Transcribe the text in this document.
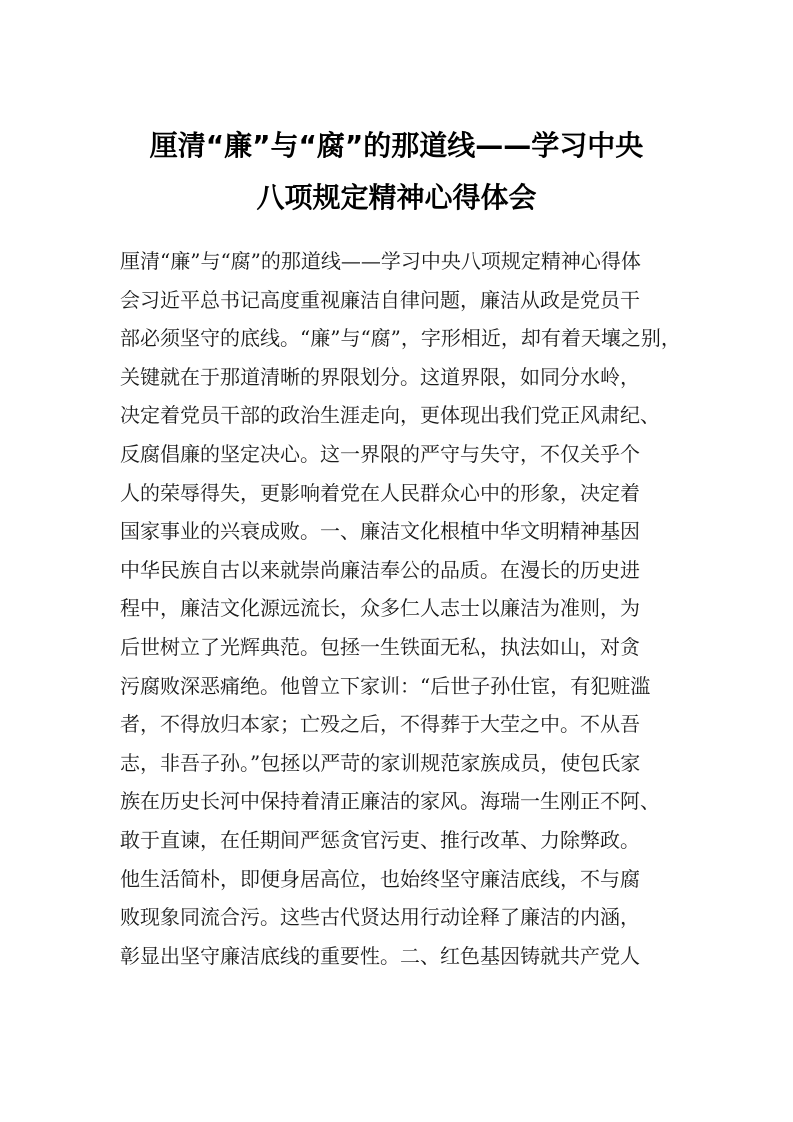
厘清“廉”与“腐”的那道线——学习中央
八项规定精神心得体会
厘清“廉”与“腐”的那道线——学习中央八项规定精神心得体
会习近平总书记高度重视廉洁自律问题，廉洁从政是党员干
部必须坚守的底线。“廉”与“腐”，字形相近，却有着天壤之别，
关键就在于那道清晰的界限划分。这道界限，如同分水岭，
决定着党员干部的政治生涯走向，更体现出我们党正风肃纪、
反腐倡廉的坚定决心。这一界限的严守与失守，不仅关乎个
人的荣辱得失，更影响着党在人民群众心中的形象，决定着
国家事业的兴衰成败。一、廉洁文化根植中华文明精神基因
中华民族自古以来就崇尚廉洁奉公的品质。在漫长的历史进
程中，廉洁文化源远流长，众多仁人志士以廉洁为准则，为
后世树立了光辉典范。包拯一生铁面无私，执法如山，对贪
污腐败深恶痛绝。他曾立下家训：“后世子孙仕宦，有犯赃滥
者，不得放归本家；亡殁之后，不得葬于大茔之中。不从吾
志，非吾子孙。”包拯以严苛的家训规范家族成员，使包氏家
族在历史长河中保持着清正廉洁的家风。海瑞一生刚正不阿、
敢于直谏，在任期间严惩贪官污吏、推行改革、力除弊政。
他生活简朴，即便身居高位，也始终坚守廉洁底线，不与腐
败现象同流合污。这些古代贤达用行动诠释了廉洁的内涵，
彰显出坚守廉洁底线的重要性。二、红色基因铸就共产党人
